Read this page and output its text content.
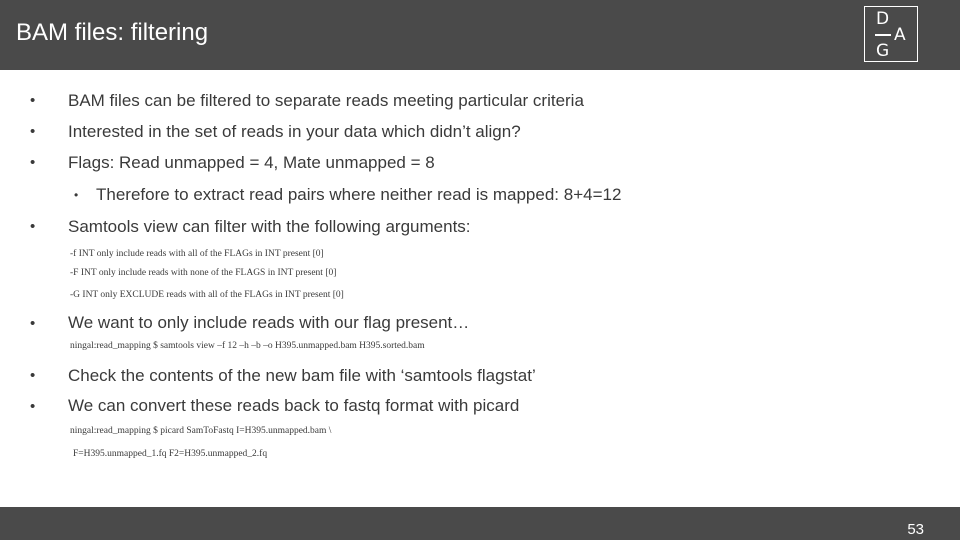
BAM files: filtering	D
A
G
• BAM files can be filtered to separate reads meeting particular criteria
• Interested in the set of reads in your data which didn’t align?
• Flags: Read unmapped = 4, Mate unmapped = 8
• Therefore to extract read pairs where neither read is mapped: 8+4=12
• Samtools view can filter with the following arguments:
-f INT only include reads with all of the FLAGs in INT present [0]
-F INT only include reads with none of the FLAGS in INT present [0]
-G INT only EXCLUDE reads with all of the FLAGs in INT present [0]
• We want to only include reads with our flag present…
ningal:read_mapping $ samtools view –f 12 –h –b –o H395.unmapped.bam H395.sorted.bam
• Check the contents of the new bam file with ‘samtools flagstat’
• We can convert these reads back to fastq format with picard
ningal:read_mapping $ picard SamToFastq I=H395.unmapped.bam \
F=H395.unmapped_1.fq F2=H395.unmapped_2.fq
53
